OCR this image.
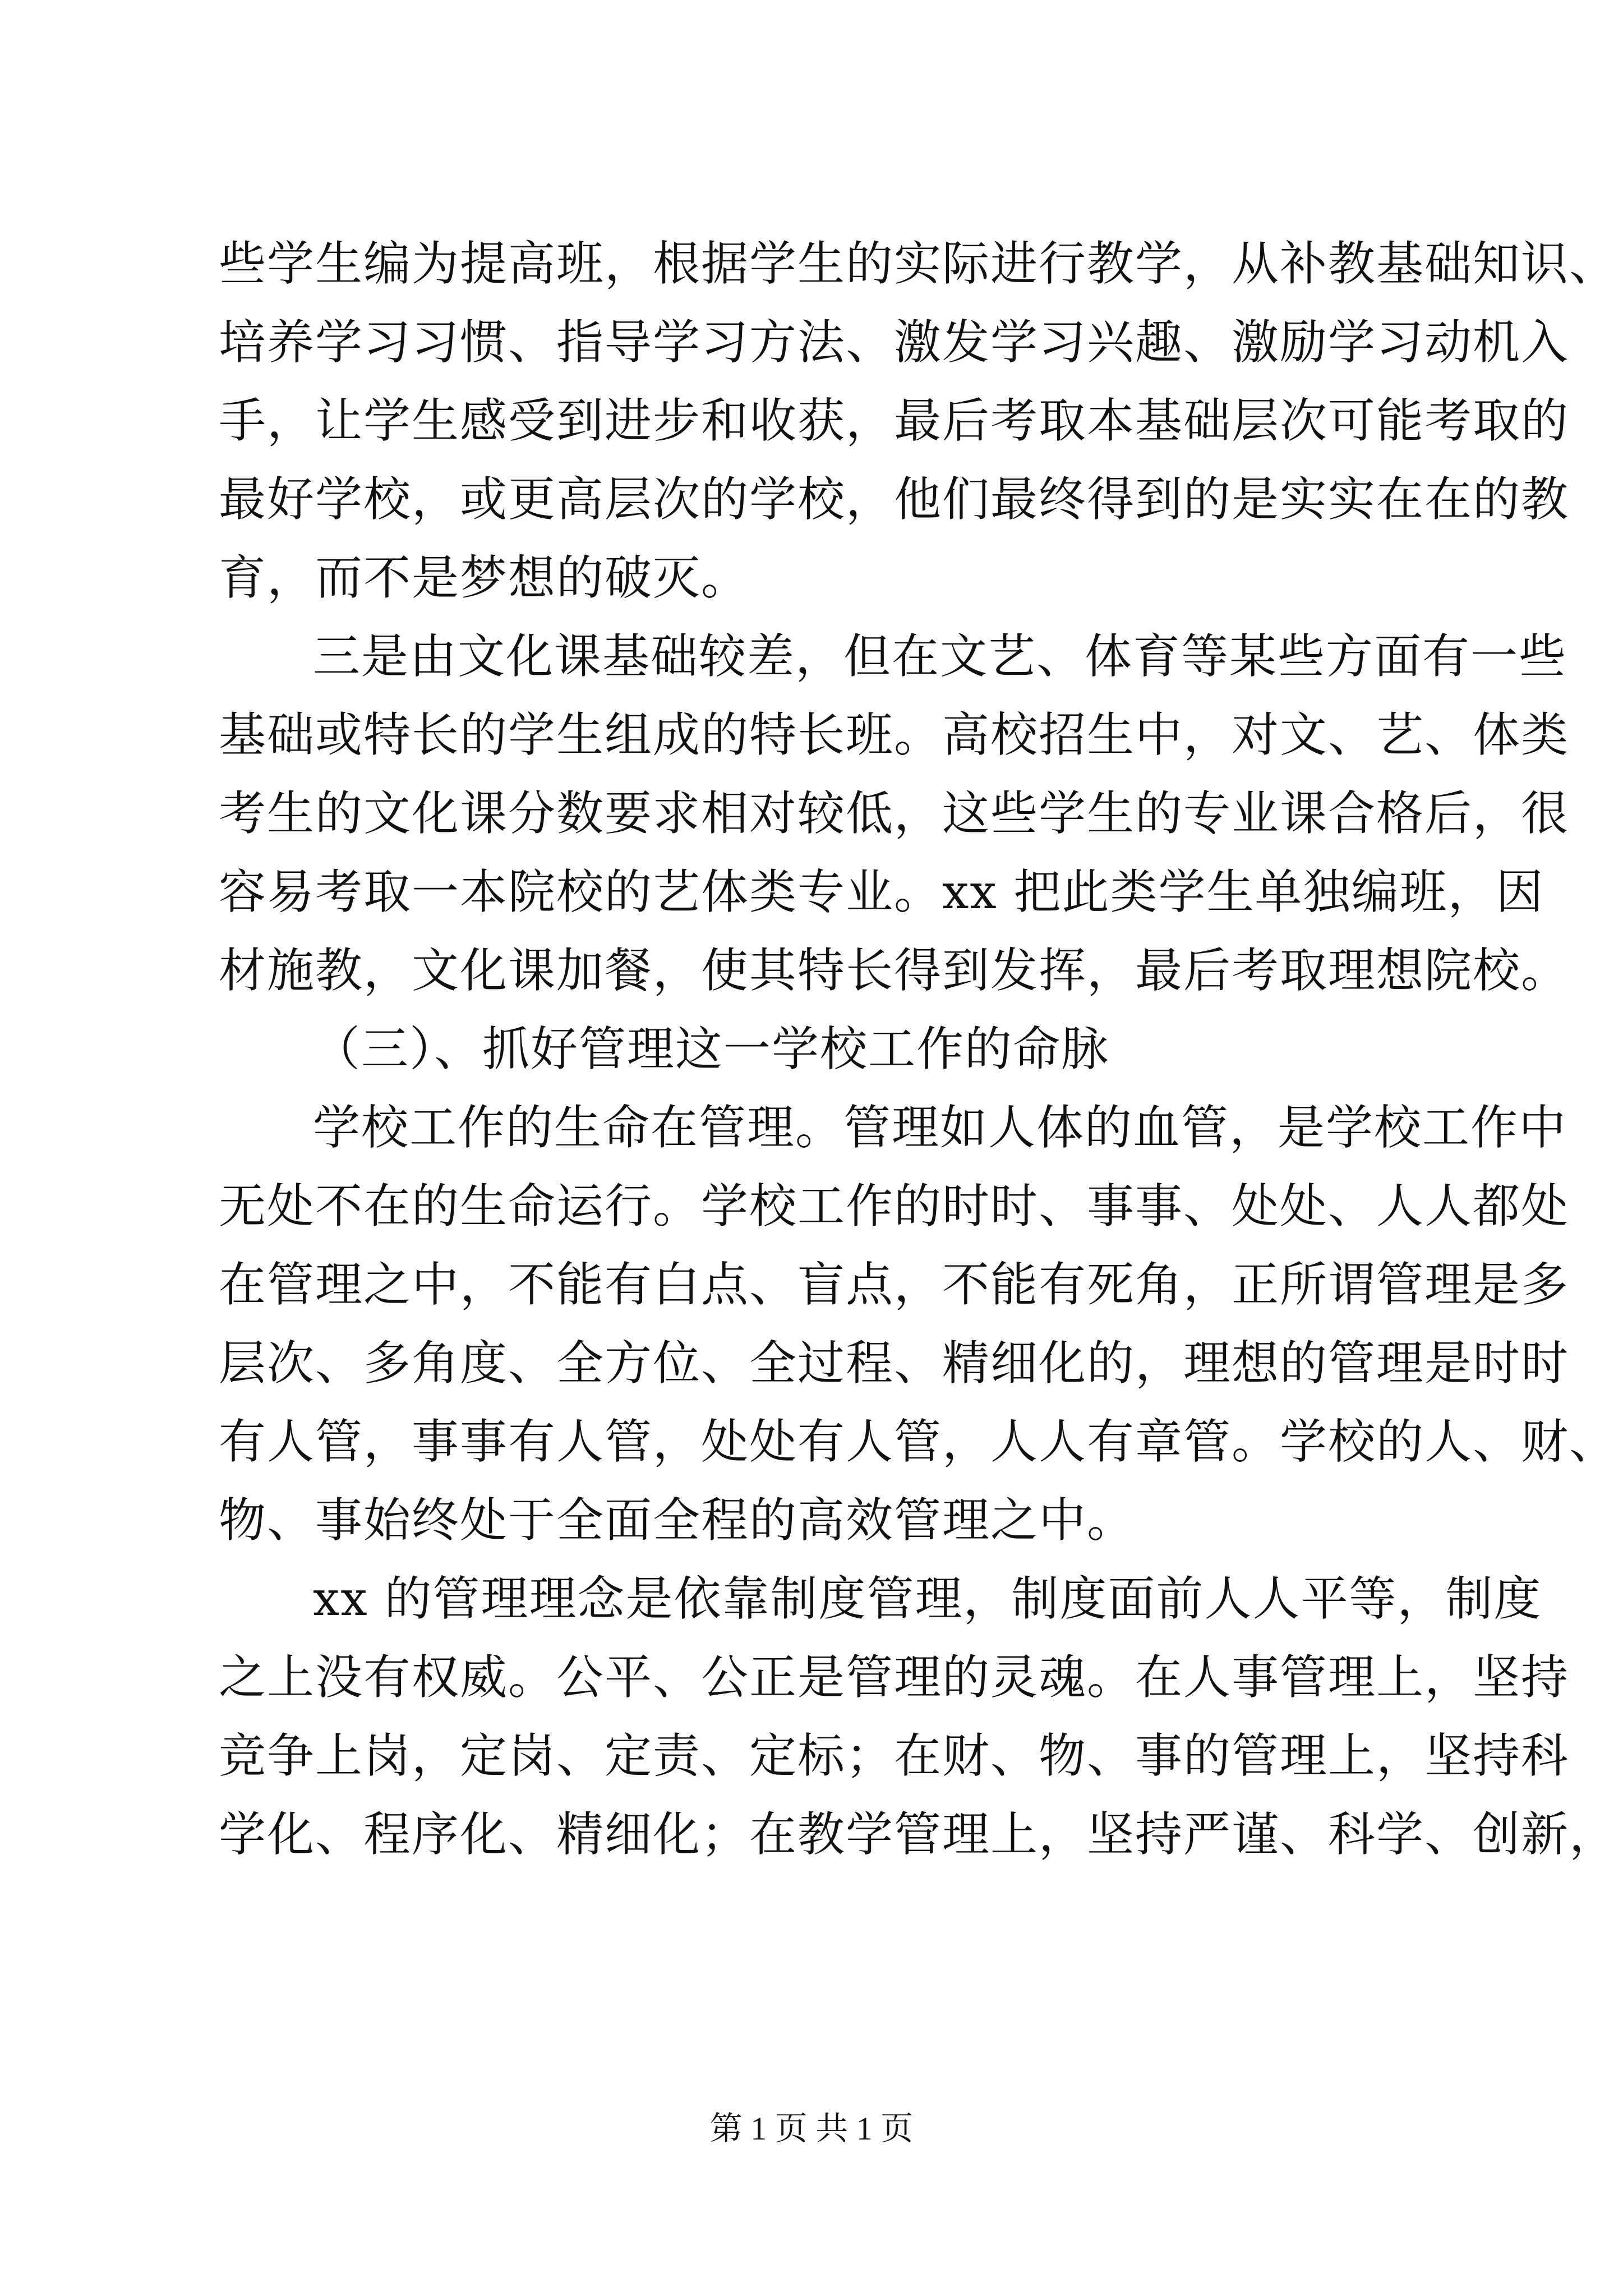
些学生编为提高班，根据学生的实际进行教学，从补教基础知识、
培养学习习惯、指导学习方法、激发学习兴趣、激励学习动机入
手，让学生感受到进步和收获，最后考取本基础层次可能考取的
最好学校，或更高层次的学校，他们最终得到的是实实在在的教
育，而不是梦想的破灭。
三是由文化课基础较差，但在文艺、体育等某些方面有一些
基础或特长的学生组成的特长班。高校招生中，对文、艺、体类
考生的文化课分数要求相对较低，这些学生的专业课合格后，很
容易考取一本院校的艺体类专业。xx 把此类学生单独编班，因
材施教，文化课加餐，使其特长得到发挥，最后考取理想院校。
（三）、抓好管理这一学校工作的命脉
学校工作的生命在管理。管理如人体的血管，是学校工作中
无处不在的生命运行。学校工作的时时、事事、处处、人人都处
在管理之中，不能有白点、盲点，不能有死角，正所谓管理是多
层次、多角度、全方位、全过程、精细化的，理想的管理是时时
有人管，事事有人管，处处有人管，人人有章管。学校的人、财、
物、事始终处于全面全程的高效管理之中。
xx 的管理理念是依靠制度管理，制度面前人人平等，制度
之上没有权威。公平、公正是管理的灵魂。在人事管理上，坚持
竞争上岗，定岗、定责、定标；在财、物、事的管理上，坚持科
学化、程序化、精细化；在教学管理上，坚持严谨、科学、创新，
第 1 页 共 1 页
